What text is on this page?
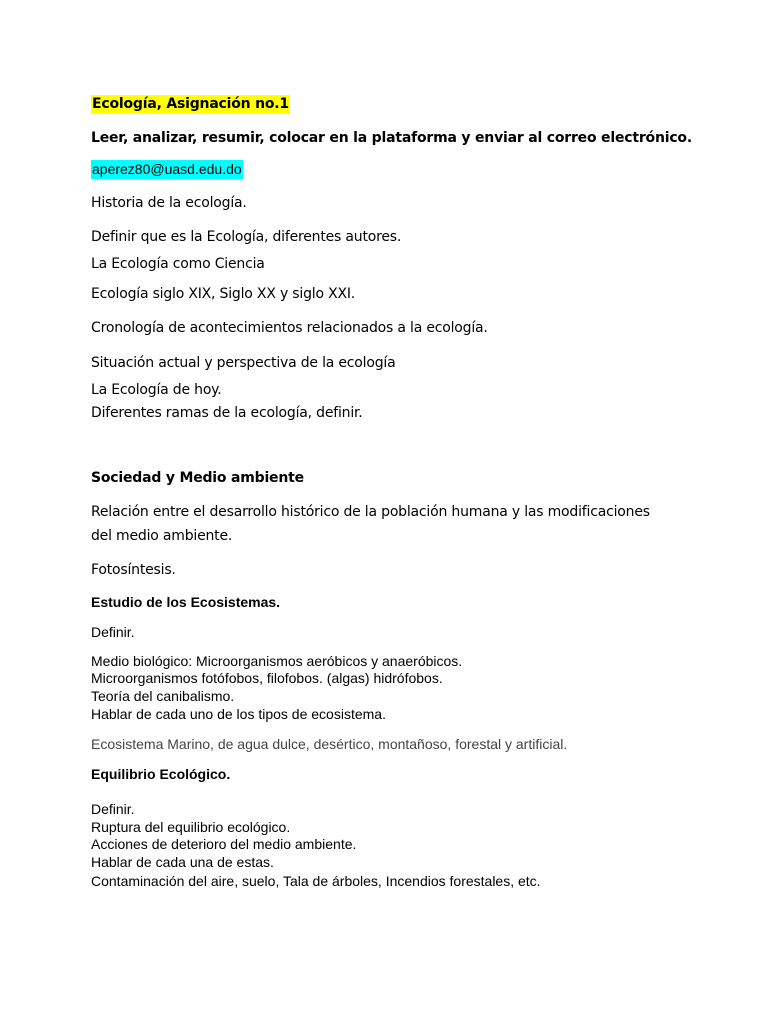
Ecología, Asignación no.1
Leer, analizar, resumir, colocar en la plataforma y enviar al correo electrónico.
aperez80@uasd.edu.do
Historia de la ecología.
Definir que es la Ecología, diferentes autores.
La Ecología como Ciencia
Ecología siglo XIX, Siglo XX y siglo XXI.
Cronología de acontecimientos relacionados a la ecología.
Situación actual y perspectiva de la ecología
La Ecología de hoy.
Diferentes ramas de la ecología, definir.
Sociedad y Medio ambiente
Relación entre el desarrollo histórico de la población humana y las modificaciones
del medio ambiente.
Fotosíntesis.
Estudio de los Ecosistemas.
Definir.
Medio biológico: Microorganismos aeróbicos y anaeróbicos.
Microorganismos fotófobos, filofobos. (algas) hidrófobos.
Teoría del canibalismo.
Hablar de cada uno de los tipos de ecosistema.
Ecosistema Marino, de agua dulce, desértico, montañoso, forestal y artificial.
Equilibrio Ecológico.
Definir.
Ruptura del equilibrio ecológico.
Acciones de deterioro del medio ambiente.
Hablar de cada una de estas.
Contaminación del aire, suelo, Tala de árboles, Incendios forestales, etc.
